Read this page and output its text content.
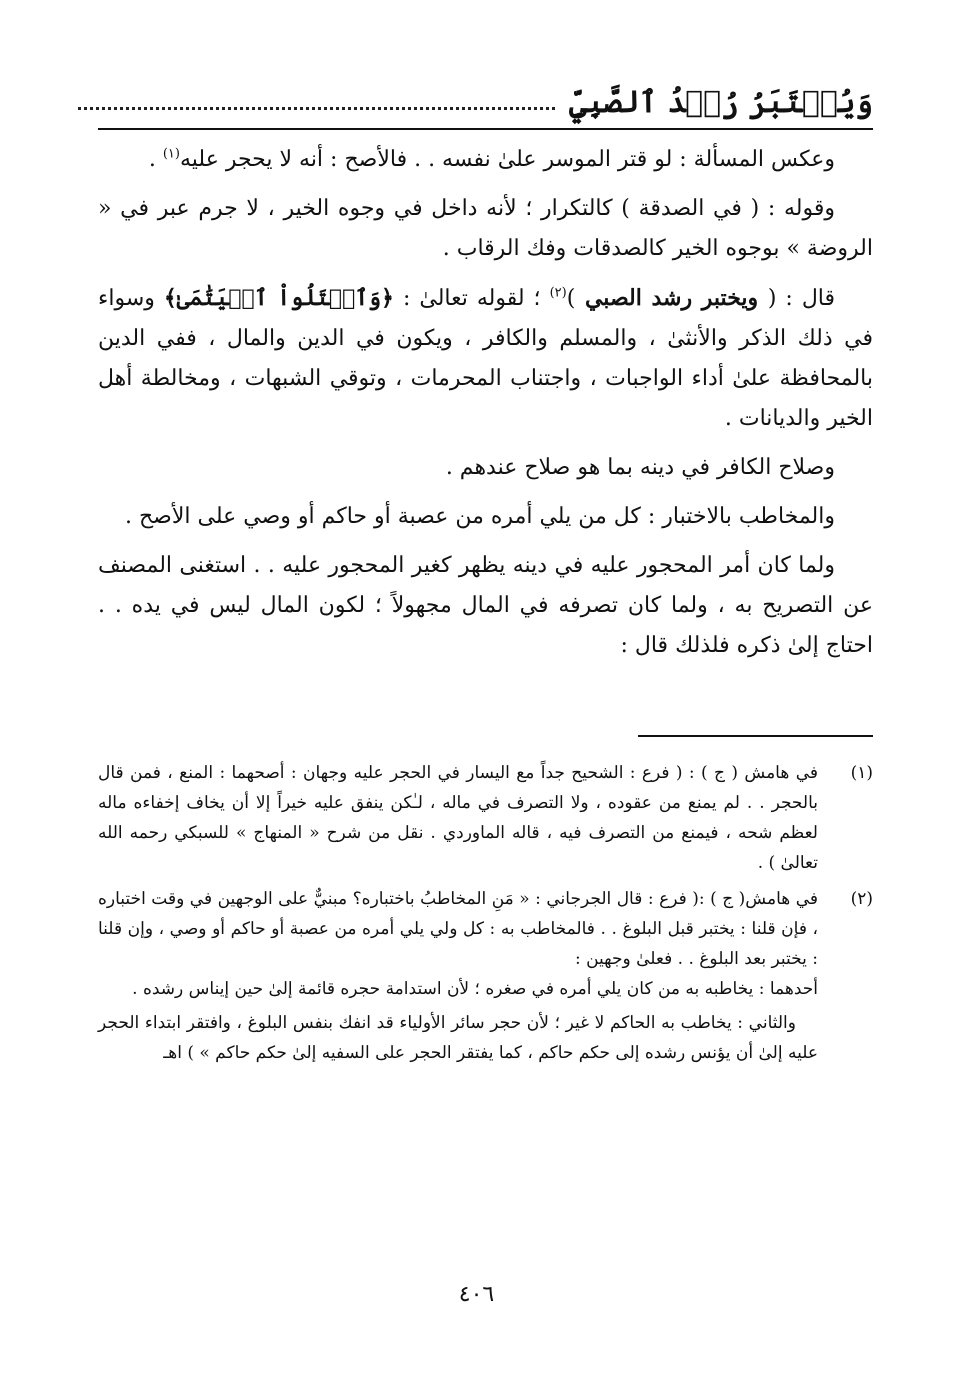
وَيُخۡتَبَرُ رُشۡدُ ٱلصَّبِيِّ

وعكس المسألة : لو قتر الموسر علىٰ نفسه . . فالأصح : أنه لا يحجر عليه$^{(١)}$ .

وقوله : ( في الصدقة ) كالتكرار ؛ لأنه داخل في وجوه الخير ، لا جرم عبر في « الروضة » بوجوه الخير كالصدقات وفك الرقاب .

قال : ( ويختبر رشد الصبي )$^{(٢)}$ ؛ لقوله تعالىٰ : ﴿وَٱبۡتَلُواْ ٱلۡيَتَٰمَىٰ﴾ وسواء في ذلك الذكر والأنثىٰ ، والمسلم والكافر ، ويكون في الدين والمال ، ففي الدين بالمحافظة علىٰ أداء الواجبات ، واجتناب المحرمات ، وتوقي الشبهات ، ومخالطة أهل الخير والديانات .

وصلاح الكافر في دينه بما هو صلاح عندهم .

والمخاطب بالاختبار : كل من يلي أمره من عصبة أو حاكم أو وصي على الأصح .

ولما كان أمر المحجور عليه في دينه يظهر كغير المحجور عليه . . استغنى المصنف عن التصريح به ، ولما كان تصرفه في المال مجهولاً ؛ لكون المال ليس في يده . . احتاج إلىٰ ذكره فلذلك قال :

(١)

في هامش ( ج ) : ( فرع : الشحيح جداً مع اليسار في الحجر عليه وجهان : أصحهما : المنع ، فمن قال بالحجر . . لم يمنع من عقوده ، ولا التصرف في ماله ، لـٰكن ينفق عليه خيراً إلا أن يخاف إخفاءه ماله لعظم شحه ، فيمنع من التصرف فيه ، قاله الماوردي . نقل من شرح « المنهاج » للسبكي رحمه الله تعالىٰ ) .

(٢)

في هامش( ج ) :( فرع : قال الجرجاني : « مَنِ المخاطبُ باختباره؟ مبنيٌّ على الوجهين في وقت اختباره ، فإن قلنا : يختبر قبل البلوغ . . فالمخاطب به : كل ولي يلي أمره من عصبة أو حاكم أو وصي ، وإن قلنا : يختبر بعد البلوغ . . فعلىٰ وجهين :

أحدهما : يخاطبه به من كان يلي أمره في صغره ؛ لأن استدامة حجره قائمة إلىٰ حين إيناس رشده .

والثاني : يخاطب به الحاكم لا غير ؛ لأن حجر سائر الأولياء قد انفك بنفس البلوغ ، وافتقر ابتداء الحجر عليه إلىٰ أن يؤنس رشده إلى حكم حاكم ، كما يفتقر الحجر على السفيه إلىٰ حكم حاكم » ) اهـ

٤٠٦
